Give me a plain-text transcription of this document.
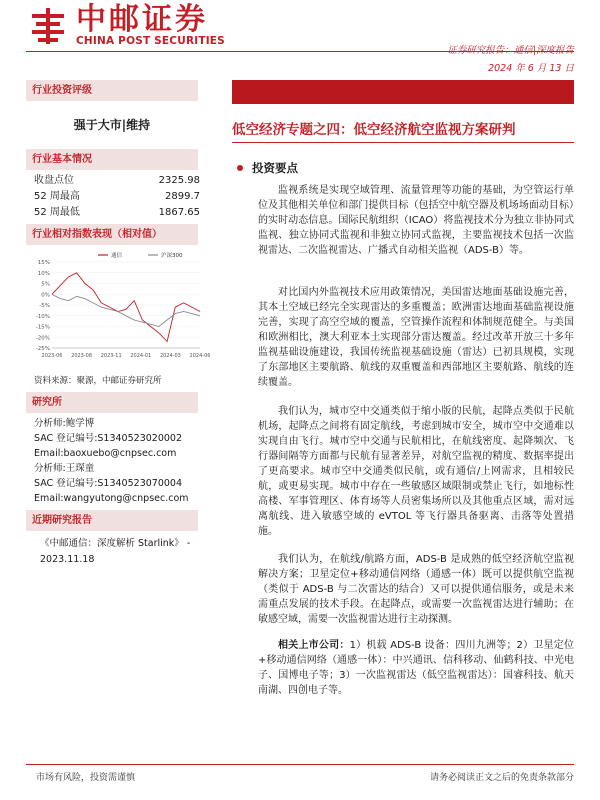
中邮证券
CHINA POST SECURITIES
2024 年 6 月 13 日
行业投资评级
强于大市|维持
行业基本情况
收盘点位	2325.98
52 周最高	2899.7
52 周最低	1867.65
行业相对指数表现（相对值）
15%
10%
5%
0%
-5%
-10%
-15%
-20%
-25%
2023-06 2023-08 2023-11 2024-01 2024-03 2024-06
通信	沪深300
资料来源：聚源，中邮证券研究所
研究所
分析师:鲍学博
SAC 登记编号:S1340523020002
Email:baoxuebo@cnpsec.com
分析师:王琛童
SAC 登记编号:S1340523070004
Email:wangyutong@cnpsec.com
近期研究报告
《中邮通信：深度解析 Starlink》 -
2023.11.18
低空经济专题之四：低空经济航空监视方案研判
投资要点
监视系统是实现空域管理、流量管理等功能的基础，为空管运行单位及其他相关单位和部门提供目标（包括空中航空器及机场场面动目标）的实时动态信息。国际民航组织（ICAO）将监视技术分为独立非协同式监视、独立协同式监视和非独立协同式监视，主要监视技术包括一次监视雷达、二次监视雷达、广播式自动相关监视（ADS-B）等。
对比国内外监视技术应用政策情况，美国雷达地面基础设施完善，其本土空域已经完全实现雷达的多重覆盖；欧洲雷达地面基础监视设施完善，实现了高空空域的覆盖，空管操作流程和体制规范健全。与美国和欧洲相比，澳大利亚本土实现部分雷达覆盖。经过改革开放三十多年监视基础设施建设，我国传统监视基础设施（雷达）已初具规模，实现了东部地区主要航路、航线的双重覆盖和西部地区主要航路、航线的连续覆盖。
我们认为，城市空中交通类似于缩小版的民航，起降点类似于民航机场，起降点之间将有固定航线，考虑到城市安全，城市空中交通难以实现自由飞行。城市空中交通与民航相比，在航线密度、起降频次、飞行器间隔等方面都与民航有显著差异，对航空监视的精度、数据率提出了更高要求。城市空中交通类似民航，或有通信/上网需求，且相较民航，或更易实现。城市中存在一些敏感区域限制或禁止飞行，如地标性高楼、军事管理区、体育场等人员密集场所以及其他重点区域，需对远离航线、进入敏感空域的 eVTOL 等飞行器具备驱离、击落等处置措施。
我们认为，在航线/航路方面，ADS-B 是成熟的低空经济航空监视解决方案；卫星定位+移动通信网络（通感一体）既可以提供航空监视（类似于 ADS-B 与二次雷达的结合）又可以提供通信服务，或是未来需重点发展的技术手段。在起降点，或需要一次监视雷达进行辅助；在敏感空域，需要一次监视雷达进行主动探测。
相关上市公司：1）机载 ADS-B 设备：四川九洲等；2）卫星定位+移动通信网络（通感一体）：中兴通讯、信科移动、仙鹤科技、中光电子、国博电子等；3）一次监视雷达（低空监视雷达）：国睿科技、航天南湖、四创电子等。
市场有风险，投资需谨慎	请务必阅读正文之后的免责条款部分
